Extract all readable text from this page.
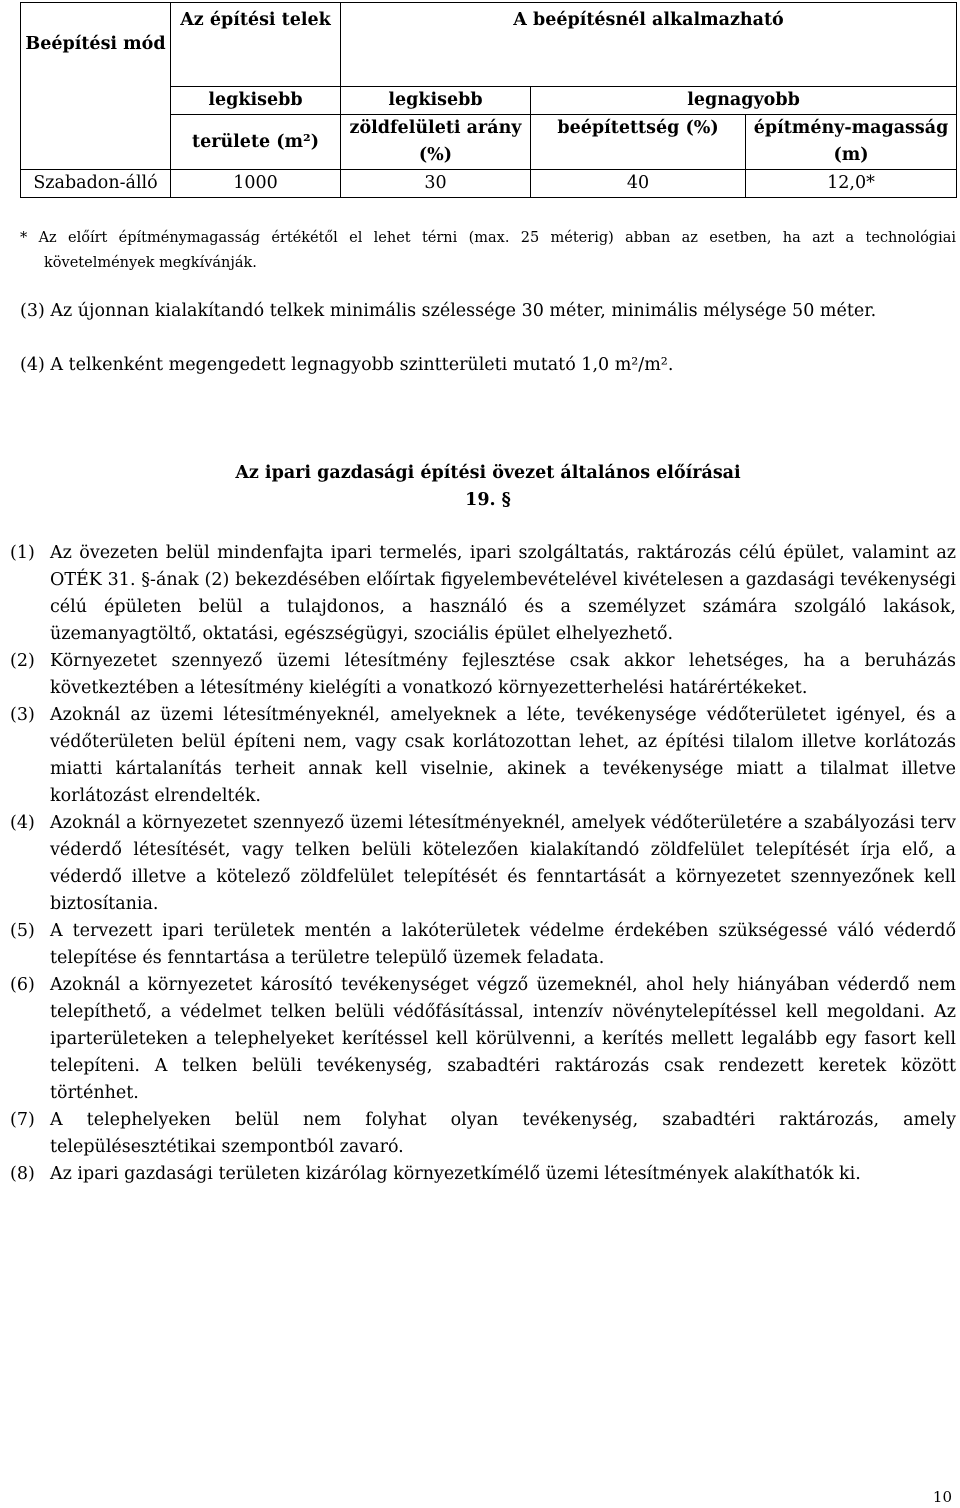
Beépítési mód	Az építési telek	A beépítésnél alkalmazható		
	legkisebb	legkisebb	legnagyobb	
	területe (m²)	zöldfelületi arány (%)	beépítettség (%)	építmény-magasság (m)
Szabadon-álló	1000	30	40	12,0*
* Az előírt építménymagasság értékétől el lehet térni (max. 25 méterig) abban az esetben, ha azt a technológiai követelmények megkívánják.
(3) Az újonnan kialakítandó telkek minimális szélessége 30 méter, minimális mélysége 50 méter.
(4) A telkenként megengedett legnagyobb szintterületi mutató 1,0 m²/m².
Az ipari gazdasági építési övezet általános előírásai
19. §
(1) Az övezeten belül mindenfajta ipari termelés, ipari szolgáltatás, raktározás célú épület, valamint az OTÉK 31. §-ának (2) bekezdésében előírtak figyelembevételével kivételesen a gazdasági tevékenységi célú épületen belül a tulajdonos, a használó és a személyzet számára szolgáló lakások, üzemanyagtöltő, oktatási, egészségügyi, szociális épület elhelyezhető.
(2) Környezetet szennyező üzemi létesítmény fejlesztése csak akkor lehetséges, ha a beruházás következtében a létesítmény kielégíti a vonatkozó környezetterhelési határértékeket.
(3) Azoknál az üzemi létesítményeknél, amelyeknek a léte, tevékenysége védőterületet igényel, és a védőterületen belül építeni nem, vagy csak korlátozottan lehet, az építési tilalom illetve korlátozás miatti kártalanítás terheit annak kell viselnie, akinek a tevékenysége miatt a tilalmat illetve korlátozást elrendelték.
(4) Azoknál a környezetet szennyező üzemi létesítményeknél, amelyek védőterületére a szabályozási terv véderdő létesítését, vagy telken belüli kötelezően kialakítandó zöldfelület telepítését írja elő, a véderdő illetve a kötelező zöldfelület telepítését és fenntartását a környezetet szennyezőnek kell biztosítania.
(5) A tervezett ipari területek mentén a lakóterületek védelme érdekében szükségessé váló véderdő telepítése és fenntartása a területre települő üzemek feladata.
(6) Azoknál a környezetet károsító tevékenységet végző üzemeknél, ahol hely hiányában véderdő nem telepíthető, a védelmet telken belüli védőfásítással, intenzív növénytelepítéssel kell megoldani. Az iparterületeken a telephelyeket kerítéssel kell körülvenni, a kerítés mellett legalább egy fasort kell telepíteni. A telken belüli tevékenység, szabadtéri raktározás csak rendezett keretek között történhet.
(7) A telephelyeken belül nem folyhat olyan tevékenység, szabadtéri raktározás, amely településesztétikai szempontból zavaró.
(8) Az ipari gazdasági területen kizárólag környezetkímélő üzemi létesítmények alakíthatók ki.
10
